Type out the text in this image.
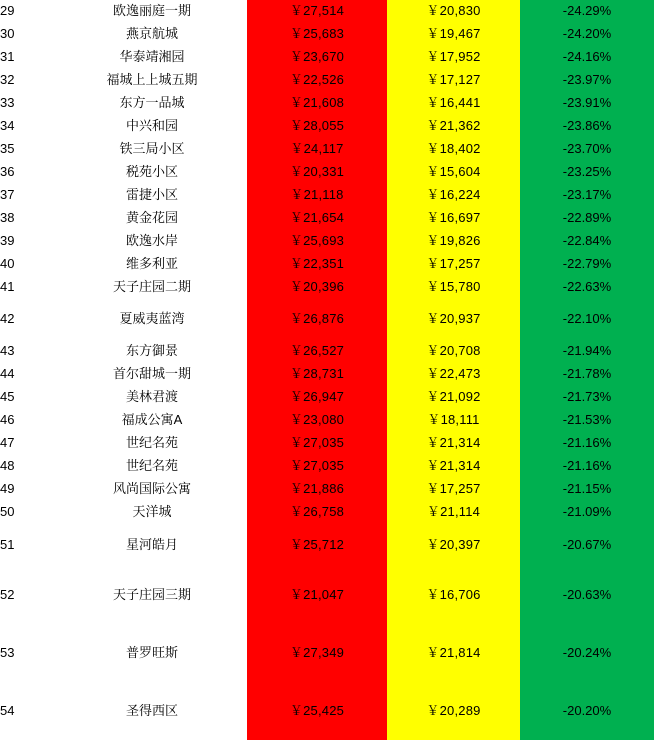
29	欧逸丽庭一期	￥27,514	￥20,830	-24.29%
30	燕京航城	￥25,683	￥19,467	-24.20%
31	华泰靖湘园	￥23,670	￥17,952	-24.16%
32	福城上上城五期	￥22,526	￥17,127	-23.97%
33	东方一品城	￥21,608	￥16,441	-23.91%
34	中兴和园	￥28,055	￥21,362	-23.86%
35	铁三局小区	￥24,117	￥18,402	-23.70%
36	税苑小区	￥20,331	￥15,604	-23.25%
37	雷捷小区	￥21,118	￥16,224	-23.17%
38	黄金花园	￥21,654	￥16,697	-22.89%
39	欧逸水岸	￥25,693	￥19,826	-22.84%
40	维多利亚	￥22,351	￥17,257	-22.79%
41	天子庄园二期	￥20,396	￥15,780	-22.63%
42	夏威夷蓝湾	￥26,876	￥20,937	-22.10%
43	东方御景	￥26,527	￥20,708	-21.94%
44	首尔甜城一期	￥28,731	￥22,473	-21.78%
45	美林君渡	￥26,947	￥21,092	-21.73%
46	福成公寓A	￥23,080	￥18,111	-21.53%
47	世纪名苑	￥27,035	￥21,314	-21.16%
48	世纪名苑	￥27,035	￥21,314	-21.16%
49	风尚国际公寓	￥21,886	￥17,257	-21.15%
50	天洋城	￥26,758	￥21,114	-21.09%
51	星河皓月	￥25,712	￥20,397	-20.67%
52	天子庄园三期	￥21,047	￥16,706	-20.63%
53	普罗旺斯	￥27,349	￥21,814	-20.24%
54	圣得西区	￥25,425	￥20,289	-20.20%
